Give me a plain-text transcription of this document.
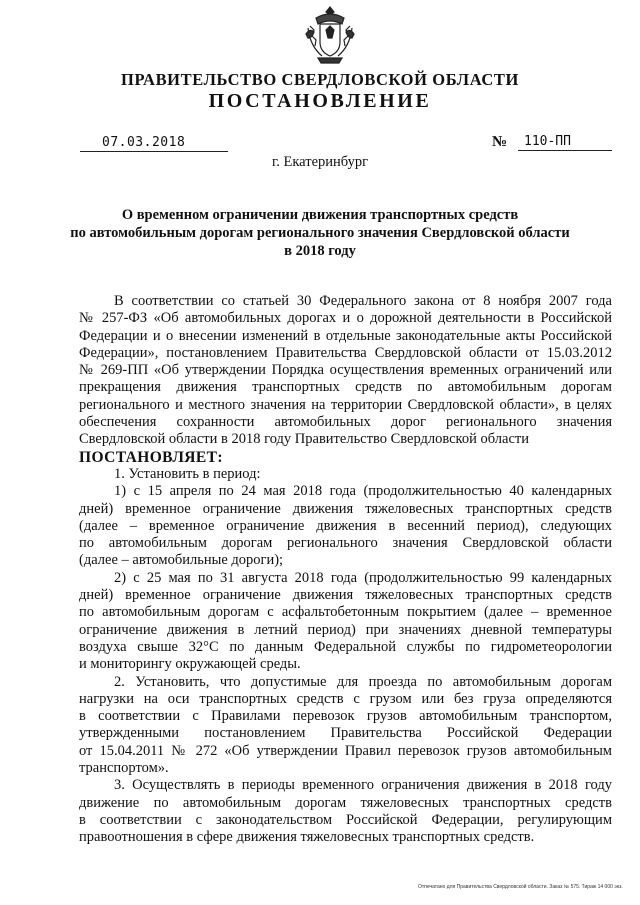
ПРАВИТЕЛЬСТВО СВЕРДЛОВСКОЙ ОБЛАСТИ
ПОСТАНОВЛЕНИЕ
07.03.2018	№ 110-ПП
г. Екатеринбург
О временном ограничении движения транспортных средств
по автомобильным дорогам регионального значения Свердловской области
в 2018 году
В соответствии со статьей 30 Федерального закона от 8 ноября 2007 года
№ 257-ФЗ «Об автомобильных дорогах и о дорожной деятельности в Российской
Федерации и о внесении изменений в отдельные законодательные акты Российской
Федерации», постановлением Правительства Свердловской области от 15.03.2012
№ 269-ПП «Об утверждении Порядка осуществления временных ограничений или
прекращения движения транспортных средств по автомобильным дорогам
регионального и местного значения на территории Свердловской области», в целях
обеспечения сохранности автомобильных дорог регионального значения
Свердловской области в 2018 году Правительство Свердловской области
ПОСТАНОВЛЯЕТ:
1. Установить в период:
1) с 15 апреля по 24 мая 2018 года (продолжительностью 40 календарных
дней) временное ограничение движения тяжеловесных транспортных средств
(далее – временное ограничение движения в весенний период), следующих
по автомобильным дорогам регионального значения Свердловской области
(далее – автомобильные дороги);
2) с 25 мая по 31 августа 2018 года (продолжительностью 99 календарных
дней) временное ограничение движения тяжеловесных транспортных средств
по автомобильным дорогам с асфальтобетонным покрытием (далее – временное
ограничение движения в летний период) при значениях дневной температуры
воздуха свыше 32°С по данным Федеральной службы по гидрометеорологии
и мониторингу окружающей среды.
2. Установить, что допустимые для проезда по автомобильным дорогам
нагрузки на оси транспортных средств с грузом или без груза определяются
в соответствии с Правилами перевозок грузов автомобильным транспортом,
утвержденными постановлением Правительства Российской Федерации
от 15.04.2011 № 272 «Об утверждении Правил перевозок грузов автомобильным
транспортом».
3. Осуществлять в периоды временного ограничения движения в 2018 году
движение по автомобильным дорогам тяжеловесных транспортных средств
в соответствии с законодательством Российской Федерации, регулирующим
правоотношения в сфере движения тяжеловесных транспортных средств.
Отпечатано для Правительства Свердловской области. Заказ № 575. Тираж 14 000 экз.
